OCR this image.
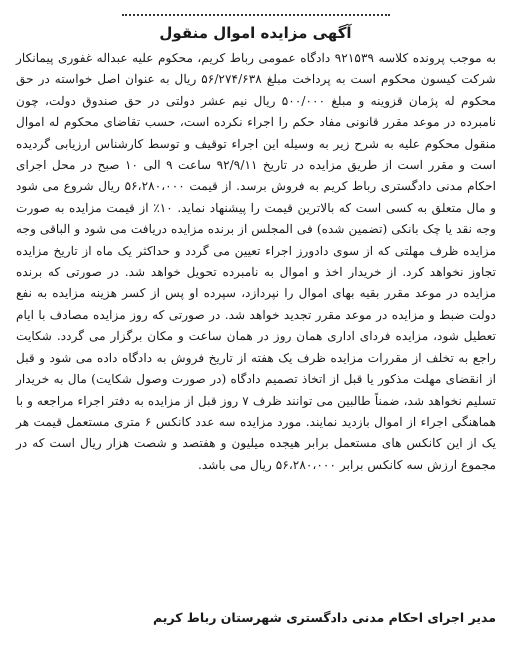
آگهی مزایده اموال منقول

به موجب پرونده کلاسه ۹۲۱۵۳۹ دادگاه عمومی رباط کریم، محکوم علیه عبداله غفوری پیمانکار شرکت کیسون محکوم است به پرداخت مبلغ ۵۶/۲۷۴/۶۳۸ ریال به عنوان اصل خواسته در حق محکوم له پژمان قزوینه و مبلغ ۵۰۰/۰۰۰ ریال نیم عشر دولتی در حق صندوق دولت، چون نامبرده در موعد مقرر قانونی مفاد حکم را اجراء نکرده است، حسب تقاضای محکوم له اموال منقول محکوم علیه به شرح زیر به وسیله این اجراء توقیف و توسط کارشناس ارزیابی گردیده است و مقرر است از طریق مزایده در تاریخ ۹۲/۹/۱۱ ساعت ۹ الی ۱۰ صبح در محل اجرای احکام مدنی دادگستری رباط کریم به فروش برسد. از قیمت ۵۶،۲۸۰،۰۰۰ ریال شروع می شود و مال متعلق به کسی است که بالاترین قیمت را پیشنهاد نماید. ۱۰٪ از قیمت مزایده به صورت وجه نقد یا چک بانکی (تضمین شده) فی المجلس از برنده مزایده دریافت می شود و الباقی وجه مزایده ظرف مهلتی که از سوی دادورز اجراء تعیین می گردد و حداکثر یک ماه از تاریخ مزایده تجاوز نخواهد کرد. از خریدار اخذ و اموال به نامبرده تحویل خواهد شد. در صورتی که برنده مزایده در موعد مقرر بقیه بهای اموال را نپردازد، سپرده او پس از کسر هزینه مزایده به نفع دولت ضبط و مزایده در موعد مقرر تجدید خواهد شد. در صورتی که روز مزایده مصادف با ایام تعطیل شود، مزایده فردای اداری همان روز در همان ساعت و مکان برگزار می گردد. شکایت راجع به تخلف از مقررات مزایده ظرف یک هفته از تاریخ فروش به دادگاه داده می شود و قبل از انقضای مهلت مذکور یا قبل از اتخاذ تصمیم دادگاه (در صورت وصول شکایت) مال به خریدار تسلیم نخواهد شد، ضمناً طالبین می توانند ظرف ۷ روز قبل از مزایده به دفتر اجراء مراجعه و با هماهنگی اجراء از اموال بازدید نمایند. مورد مزایده سه عدد کانکس ۶ متری مستعمل قیمت هر یک از این کانکس های مستعمل برابر هیجده میلیون و هفتصد و شصت هزار ریال است که در مجموع ارزش سه کانکس برابر ۵۶،۲۸۰،۰۰۰ ریال می باشد.

مدیر اجرای احکام مدنی دادگستری شهرستان رباط کریم
